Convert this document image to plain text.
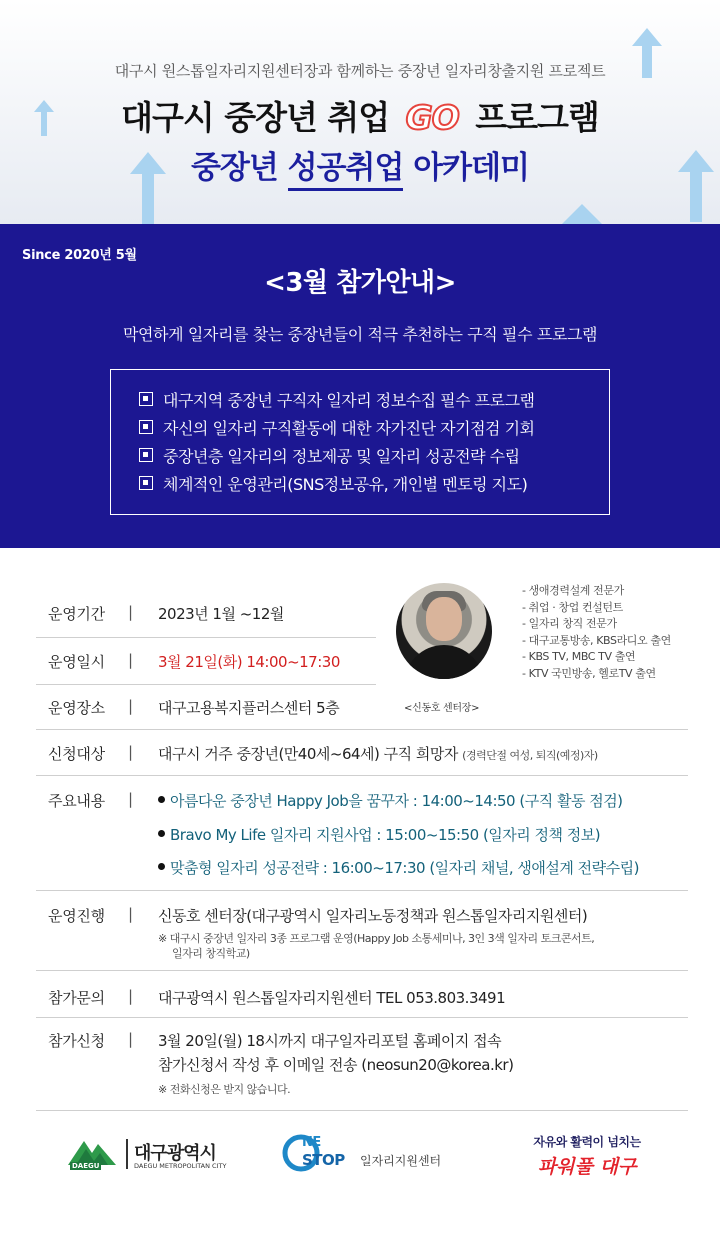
대구시 원스톱일자리지원센터장과 함께하는 중장년 일자리창출지원 프로젝트
대구시 중장년 취업 GO 프로그램
중장년 성공취업 아카데미
Since 2020년 5월
<3월 참가안내>
막연하게 일자리를 찾는 중장년들이 적극 추천하는 구직 필수 프로그램
대구지역 중장년 구직자 일자리 정보수집 필수 프로그램
자신의 일자리 구직활동에 대한 자가진단 자기점검 기회
중장년층 일자리의 정보제공 및 일자리 성공전략 수립
체계적인 운영관리(SNS정보공유, 개인별 멘토링 지도)
<신동호 센터장>
- 생애경력설계 전문가
- 취업 · 창업 컨설턴트
- 일자리 창직 전문가
- 대구교통방송, KBS라디오 출연
- KBS TV, MBC TV 출연
- KTV 국민방송, 헬로TV 출연
운영기간 | 2023년 1월 ~12월
운영일시 | 3월 21일(화) 14:00~17:30
운영장소 | 대구고용복지플러스센터 5층
신청대상 | 대구시 거주 중장년(만40세~64세) 구직 희망자 (경력단절 여성, 퇴직(예정)자)
주요내용 |	아름다운 중장년 Happy Job을 꿈꾸자 : 14:00~14:50 (구직 활동 점검)
Bravo My Life 일자리 지원사업 : 15:00~15:50 (일자리 정책 정보)
맞춤형 일자리 성공전략 : 16:00~17:30 (일자리 채널, 생애설계 전략수립)
운영진행 | 신동호 센터장(대구광역시 일자리노동정책과 원스톱일자리지원센터)
※ 대구시 중장년 일자리 3종 프로그램 운영(Happy Job 소통세미나, 3인 3색 일자리 토크콘서트,
일자리 창직학교)
참가문의 | 대구광역시 원스톱일자리지원센터 TEL 053.803.3491
참가신청 | 3월 20일(월) 18시까지 대구일자리포털 홈페이지 접속
참가신청서 작성 후 이메일 전송 (neosun20@korea.kr)
※ 전화신청은 받지 않습니다.
DAEGU
대구광역시
DAEGU METROPOLITAN CITY
NE
STOP 일자리지원센터
자유와 활력이 넘치는
파워풀 대구
